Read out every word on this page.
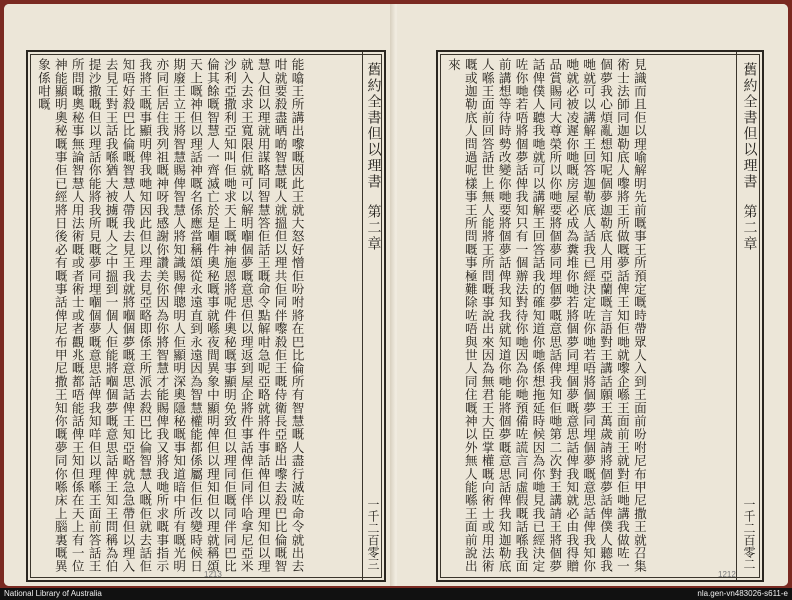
能噏王所講出嚟嘅因此王就大怒好憎佢吩咐將在巴比倫所有智慧嘅人盡行滅咗命令就出去咁就要殺盡晒啲智慧嘅人就搵但以理共佢同伴嚟殺佢王嘅侍衛長亞略出嚟去殺巴比倫嘅智慧人但以理就用謀略同智慧答佢話王嘅命令點解咁急呢亞略就將件事話俾但以理知但以理就入去求王寬限佢就可以解明嗰個夢嘅意思但以理返到屋企將件事話俾佢同伴哈拿尼亞米沙利亞撒利亞知叫佢哋求天上嘅神施恩將呢件奧秘嘅事顯明免致但以理同佢嘅同伴同巴比倫其餘嘅智慧人一齊滅亡於是嗰件奧秘嘅事就喺夜間異象中顯明俾但以理知但以理就稱頌天上嘅神但以理話神嘅名係應當稱頌從永遠直到永遠因為智慧權能都係屬佢佢改變時候日期廢王立王將智慧賜俾智慧人將知識賜俾聰明人佢顯明深奧隱秘嘅事知道暗中所有嘅光明亦同佢居住我列祖嘅神呀我感謝你讚美你因為你將智慧才能賜俾我又將我哋所求嘅事指示我將王嘅事顯明俾我哋知因此但以理去見亞略即係王所派去殺巴比倫智慧人嘅佢就去話佢知唔好殺巴比倫嘅智慧人帶我去見王我就將嗰個夢嘅意思話俾王知亞略就急急帶但以理入去見王對王話我喺猶大被擄嘅人之中搵到一個人佢能將嗰個夢嘅意思話俾王知王問稱為伯提沙撒嘅但以理話你能將我所見嘅夢同埋嗰個夢嘅意思話俾我知咩但以理喺王面前答話王所問嘅奧秘事無論智慧人用法術嘅或者術士或者觀兆嘅都唔能話俾王知但係在天上有一位神能顯明奧秘嘅事佢已經將日後必有嘅事話俾尼布甲尼撒王知你嘅夢同你喺床上腦裏嘅異象係咁嘅	舊約全書
但以理書
第二章
一千二百零三
1213
見識而且佢以理喻解明先前嘅事王所預定嘅時帶眾人入到王面前吩咐尼布甲尼撒王就召集術士法師同迦勒底人嚟將王所做嘅夢話俾王知佢哋就嚟企喺王面前王就對佢哋講我做咗一個夢我心煩亂想知呢個夢迦勒底人用亞蘭嘅言語對王講話願王萬歲請將個夢話俾僕人聽我哋就可以講解王回答迦勒底人話我已經決定咗你哋若唔將個夢同埋個夢嘅意思話俾我知你哋就必被凌遲你哋嘅房屋必成為糞堆你哋若將個夢同埋個夢嘅意思話俾我知就必由我得贈品賞賜同大尊榮所以你哋要將個夢同埋個夢嘅意思話俾我知佢哋第二次對王講請王將個夢話俾僕人聽我哋就可以講解王回答話我的確知道你哋係想拖延時候因為你哋見我已經決定咗你哋若唔將個夢話俾我知只有一個辦法對待你哋因為你哋預備咗謊言同虛假嘅話喺我面前講想等待時勢改變你哋要將個夢話俾我知我就知道你哋能將個夢嘅意思話俾我知迦勒底人喺王面前回答話世上無人能將王所問嘅事說出來因為無君王大臣掌權嘅向術士或用法術嘅或迦勒底人問過呢樣事王所問嘅事極難除咗唔與世人同住嘅神以外無人能喺王面前說出來	舊約全書
但以理書
第二章
一千二百零二
1212
National Library of Australia	nla.gen-vn483026-s611-e
